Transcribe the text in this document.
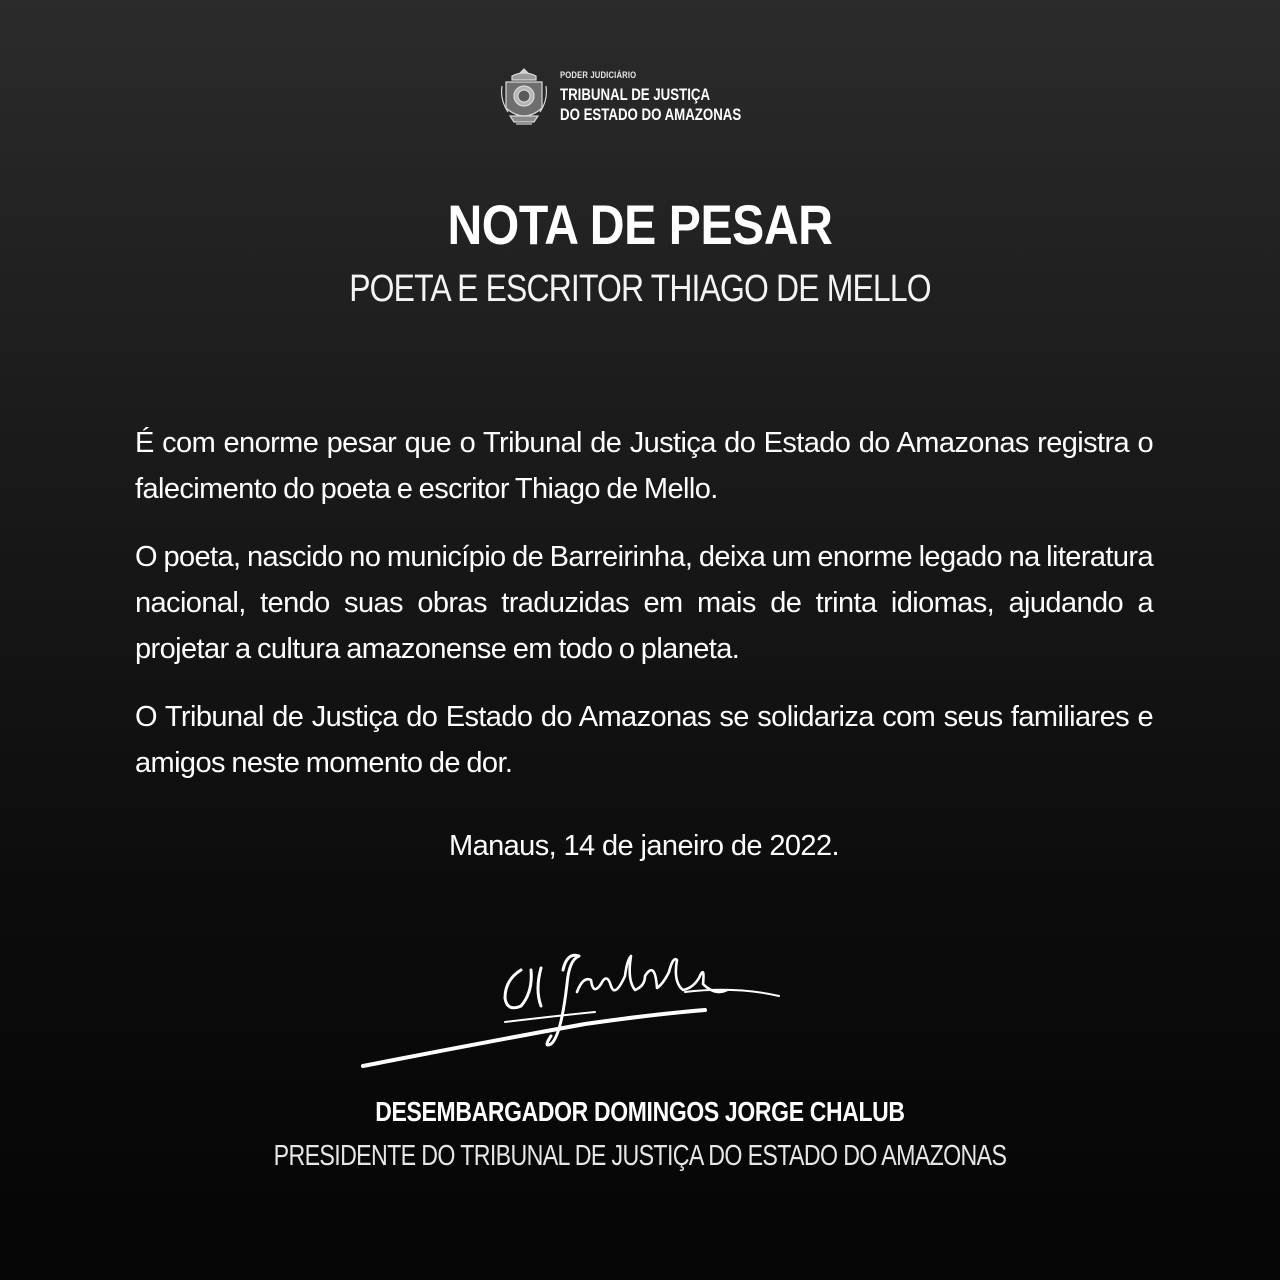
PODER JUDICIÁRIO
TRIBUNAL DE JUSTIÇA
DO ESTADO DO AMAZONAS
NOTA DE PESAR
POETA E ESCRITOR THIAGO DE MELLO

É com enorme pesar que o Tribunal de Justiça do Estado do Amazonas registra o falecimento do poeta e escritor Thiago de Mello.

O poeta, nascido no município de Barreirinha, deixa um enorme legado na literatura nacional, tendo suas obras traduzidas em mais de trinta idiomas, ajudando a projetar a cultura amazonense em todo o planeta.

O Tribunal de Justiça do Estado do Amazonas se solidariza com seus familiares e amigos neste momento de dor.

Manaus, 14 de janeiro de 2022.
DESEMBARGADOR DOMINGOS JORGE CHALUB
PRESIDENTE DO TRIBUNAL DE JUSTIÇA DO ESTADO DO AMAZONAS
